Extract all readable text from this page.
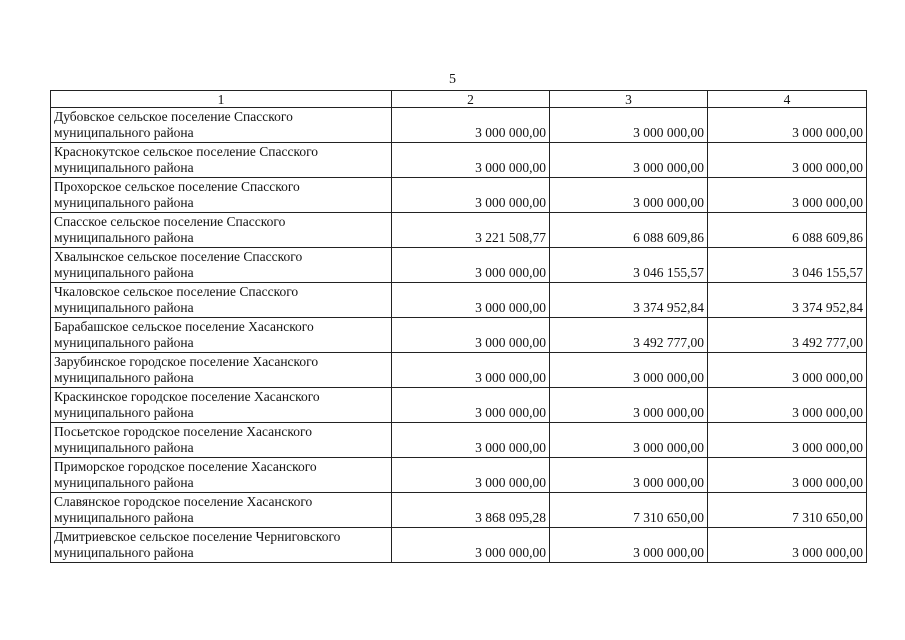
5
1	2	3	4

Дубовское сельское поселение Спасского
муниципального района	3 000 000,00	3 000 000,00	3 000 000,00

Краснокутское сельское поселение Спасского
муниципального района	3 000 000,00	3 000 000,00	3 000 000,00

Прохорское сельское поселение Спасского
муниципального района	3 000 000,00	3 000 000,00	3 000 000,00

Спасское сельское поселение Спасского
муниципального района	3 221 508,77	6 088 609,86	6 088 609,86

Хвалынское сельское поселение Спасского
муниципального района	3 000 000,00	3 046 155,57	3 046 155,57

Чкаловское сельское поселение Спасского
муниципального района	3 000 000,00	3 374 952,84	3 374 952,84

Барабашское сельское поселение Хасанского
муниципального района	3 000 000,00	3 492 777,00	3 492 777,00

Зарубинское городское поселение Хасанского
муниципального района	3 000 000,00	3 000 000,00	3 000 000,00

Краскинское городское поселение Хасанского
муниципального района	3 000 000,00	3 000 000,00	3 000 000,00

Посьетское городское поселение Хасанского
муниципального района	3 000 000,00	3 000 000,00	3 000 000,00

Приморское городское поселение Хасанского
муниципального района	3 000 000,00	3 000 000,00	3 000 000,00

Славянское городское поселение Хасанского
муниципального района	3 868 095,28	7 310 650,00	7 310 650,00

Дмитриевское сельское поселение Черниговского
муниципального района	3 000 000,00	3 000 000,00	3 000 000,00
